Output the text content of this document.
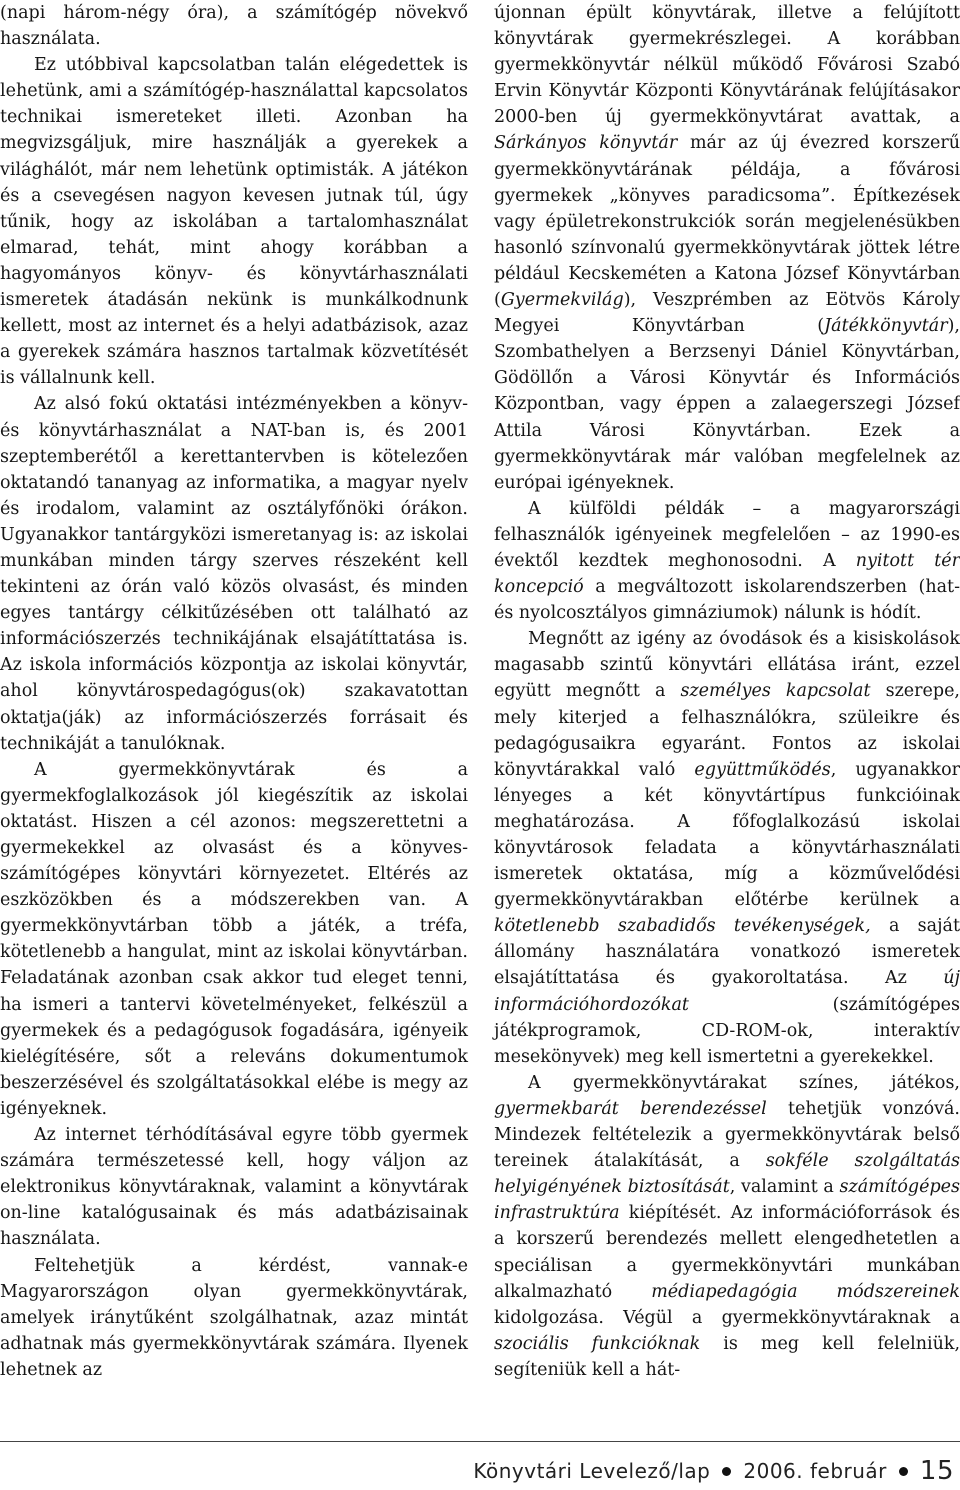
(napi három-négy óra), a számítógép növekvő használata.

Ez utóbbival kapcsolatban talán elégedettek is lehetünk, ami a számítógép-használattal kapcsolatos technikai ismereteket illeti. Azonban ha megvizsgáljuk, mire használják a gyerekek a világhálót, már nem lehetünk optimisták. A játékon és a csevegésen nagyon kevesen jutnak túl, úgy tűnik, hogy az iskolában a tartalomhasználat elmarad, tehát, mint ahogy korábban a hagyományos könyv- és könyvtárhasználati ismeretek átadásán nekünk is munkálkodnunk kellett, most az internet és a helyi adatbázisok, azaz a gyerekek számára hasznos tartalmak közvetítését is vállalnunk kell.

Az alsó fokú oktatási intézményekben a könyv- és könyvtárhasználat a NAT-ban is, és 2001 szeptemberétől a kerettantervben is kötelezően oktatandó tananyag az informatika, a magyar nyelv és irodalom, valamint az osztályfőnöki órákon. Ugyanakkor tantárgyközi ismeretanyag is: az iskolai munkában minden tárgy szerves részeként kell tekinteni az órán való közös olvasást, és minden egyes tantárgy célkitűzésében ott található az információszerzés technikájának elsajátíttatása is. Az iskola információs központja az iskolai könyvtár, ahol könyvtárospedagógus(ok) szakavatottan oktatja(ják) az információszerzés forrásait és technikáját a tanulóknak.

A gyermekkönyvtárak és a gyermekfoglalkozások jól kiegészítik az iskolai oktatást. Hiszen a cél azonos: megszerettetni a gyermekekkel az olvasást és a könyves-számítógépes könyvtári környezetet. Eltérés az eszközökben és a módszerekben van. A gyermekkönyvtárban több a játék, a tréfa, kötetlenebb a hangulat, mint az iskolai könyvtárban. Feladatának azonban csak akkor tud eleget tenni, ha ismeri a tantervi követelményeket, felkészül a gyermekek és a pedagógusok fogadására, igényeik kielégítésére, sőt a releváns dokumentumok beszerzésével és szolgáltatásokkal elébe is megy az igényeknek.

Az internet térhódításával egyre több gyermek számára természetessé kell, hogy váljon az elektronikus könyvtáraknak, valamint a könyvtárak on-line katalógusainak és más adatbázisainak használata.

Feltehetjük a kérdést, vannak-e Magyarországon olyan gyermekkönyvtárak, amelyek iránytűként szolgálhatnak, azaz mintát adhatnak más gyermekkönyvtárak számára. Ilyenek lehetnek az

újonnan épült könyvtárak, illetve a felújított könyvtárak gyermekrészlegei. A korábban gyermekkönyvtár nélkül működő Fővárosi Szabó Ervin Könyvtár Központi Könyvtárának felújításakor 2000-ben új gyermekkönyvtárat avattak, a Sárkányos könyvtár már az új évezred korszerű gyermekkönyvtárának példája, a fővárosi gyermekek „könyves paradicsoma”. Építkezések vagy épületrekonstrukciók során megjelenésükben hasonló színvonalú gyermekkönyvtárak jöttek létre például Kecskeméten a Katona József Könyvtárban (Gyermekvilág), Veszprémben az Eötvös Károly Megyei Könyvtárban (Játékkönyvtár), Szombathelyen a Berzsenyi Dániel Könyvtárban, Gödöllőn a Városi Könyvtár és Információs Központban, vagy éppen a zalaegerszegi József Attila Városi Könyvtárban. Ezek a gyermekkönyvtárak már valóban megfelelnek az európai igényeknek.

A külföldi példák – a magyarországi felhasználók igényeinek megfelelően – az 1990-es évektől kezdtek meghonosodni. A nyitott tér koncepció a megváltozott iskolarendszerben (hat- és nyolcosztályos gimnáziumok) nálunk is hódít.

Megnőtt az igény az óvodások és a kisiskolások magasabb szintű könyvtári ellátása iránt, ezzel együtt megnőtt a személyes kapcsolat szerepe, mely kiterjed a felhasználókra, szüleikre és pedagógusaikra egyaránt. Fontos az iskolai könyvtárakkal való együttműködés, ugyanakkor lényeges a két könyvtártípus funkcióinak meghatározása. A főfoglalkozású iskolai könyvtárosok feladata a könyvtárhasználati ismeretek oktatása, míg a közművelődési gyermekkönyvtárakban előtérbe kerülnek a kötetlenebb szabadidős tevékenységek, a saját állomány használatára vonatkozó ismeretek elsajátíttatása és gyakoroltatása. Az új információhordozókat (számítógépes játékprogramok, CD-ROM-ok, interaktív mesekönyvek) meg kell ismertetni a gyerekekkel.

A gyermekkönyvtárakat színes, játékos, gyermekbarát berendezéssel tehetjük vonzóvá. Mindezek feltételezik a gyermekkönyvtárak belső tereinek átalakítását, a sokféle szolgáltatás helyigényének biztosítását, valamint a számítógépes infrastruktúra kiépítését. Az információforrások és a korszerű berendezés mellett elengedhetetlen a speciálisan a gyermekkönyvtári munkában alkalmazható médiapedagógia módszereinek kidolgozása. Végül a gyermekkönyvtáraknak a szociális funkcióknak is meg kell felelniük, segíteniük kell a hát-

Könyvtári Levelező/lap 2006. február 15
